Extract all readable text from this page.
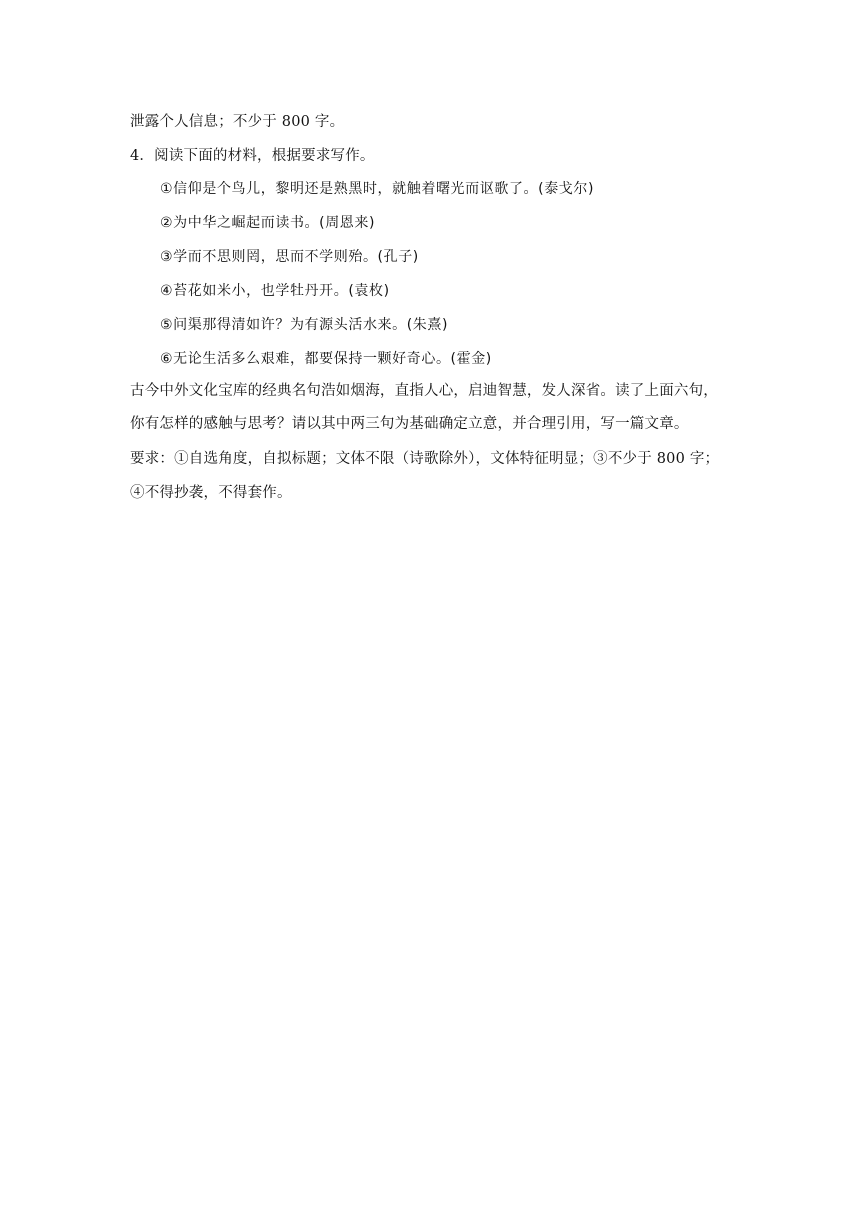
泄露个人信息；不少于 800 字。
4．阅读下面的材料，根据要求写作。
①信仰是个鸟儿，黎明还是熟黑时，就触着曙光而讴歌了。(泰戈尔)
②为中华之崛起而读书。(周恩来)
③学而不思则罔，思而不学则殆。(孔子)
④苔花如米小，也学牡丹开。(袁枚)
⑤问渠那得清如许？为有源头活水来。(朱熹)
⑥无论生活多么艰难，都要保持一颗好奇心。(霍金)
古今中外文化宝库的经典名句浩如烟海，直指人心，启迪智慧，发人深省。读了上面六句，
你有怎样的感触与思考？请以其中两三句为基础确定立意，并合理引用，写一篇文章。
要求：①自选角度，自拟标题；文体不限（诗歌除外），文体特征明显；③不少于 800 字；
④不得抄袭，不得套作。
